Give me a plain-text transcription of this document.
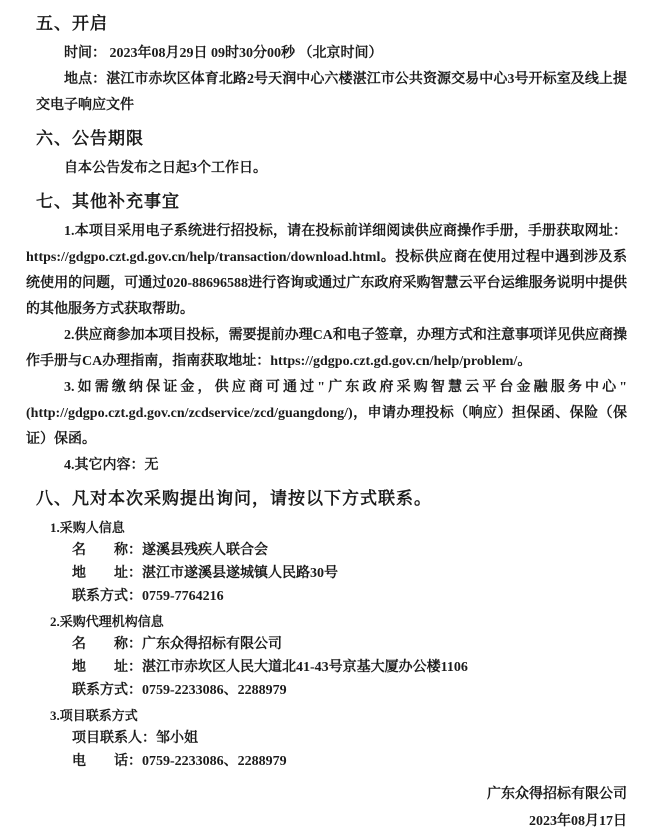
五、开启

时间： 2023年08月29日 09时30分00秒 （北京时间）

地点：湛江市赤坎区体育北路2号天润中心六楼湛江市公共资源交易中心3号开标室及线上提交电子响应文件

六、公告期限

自本公告发布之日起3个工作日。

七、其他补充事宜

1.本项目采用电子系统进行招投标，请在投标前详细阅读供应商操作手册，手册获取网址：https://gdgpo.czt.gd.gov.cn/help/transaction/download.html。投标供应商在使用过程中遇到涉及系统使用的问题，可通过020-88696588进行咨询或通过广东政府采购智慧云平台运维服务说明中提供的其他服务方式获取帮助。

2.供应商参加本项目投标，需要提前办理CA和电子签章，办理方式和注意事项详见供应商操作手册与CA办理指南，指南获取地址：https://gdgpo.czt.gd.gov.cn/help/problem/。

3.如需缴纳保证金，供应商可通过"广东政府采购智慧云平台金融服务中心"(http://gdgpo.czt.gd.gov.cn/zcdservice/zcd/guangdong/)，申请办理投标（响应）担保函、保险（保证）保函。

4.其它内容：无

八、凡对本次采购提出询问，请按以下方式联系。

1.采购人信息

名　　称：遂溪县残疾人联合会

地　　址：湛江市遂溪县遂城镇人民路30号

联系方式：0759-7764216

2.采购代理机构信息

名　　称：广东众得招标有限公司

地　　址：湛江市赤坎区人民大道北41-43号京基大厦办公楼1106

联系方式：0759-2233086、2288979

3.项目联系方式

项目联系人：邹小姐

电　　话：0759-2233086、2288979

广东众得招标有限公司
2023年08月17日
